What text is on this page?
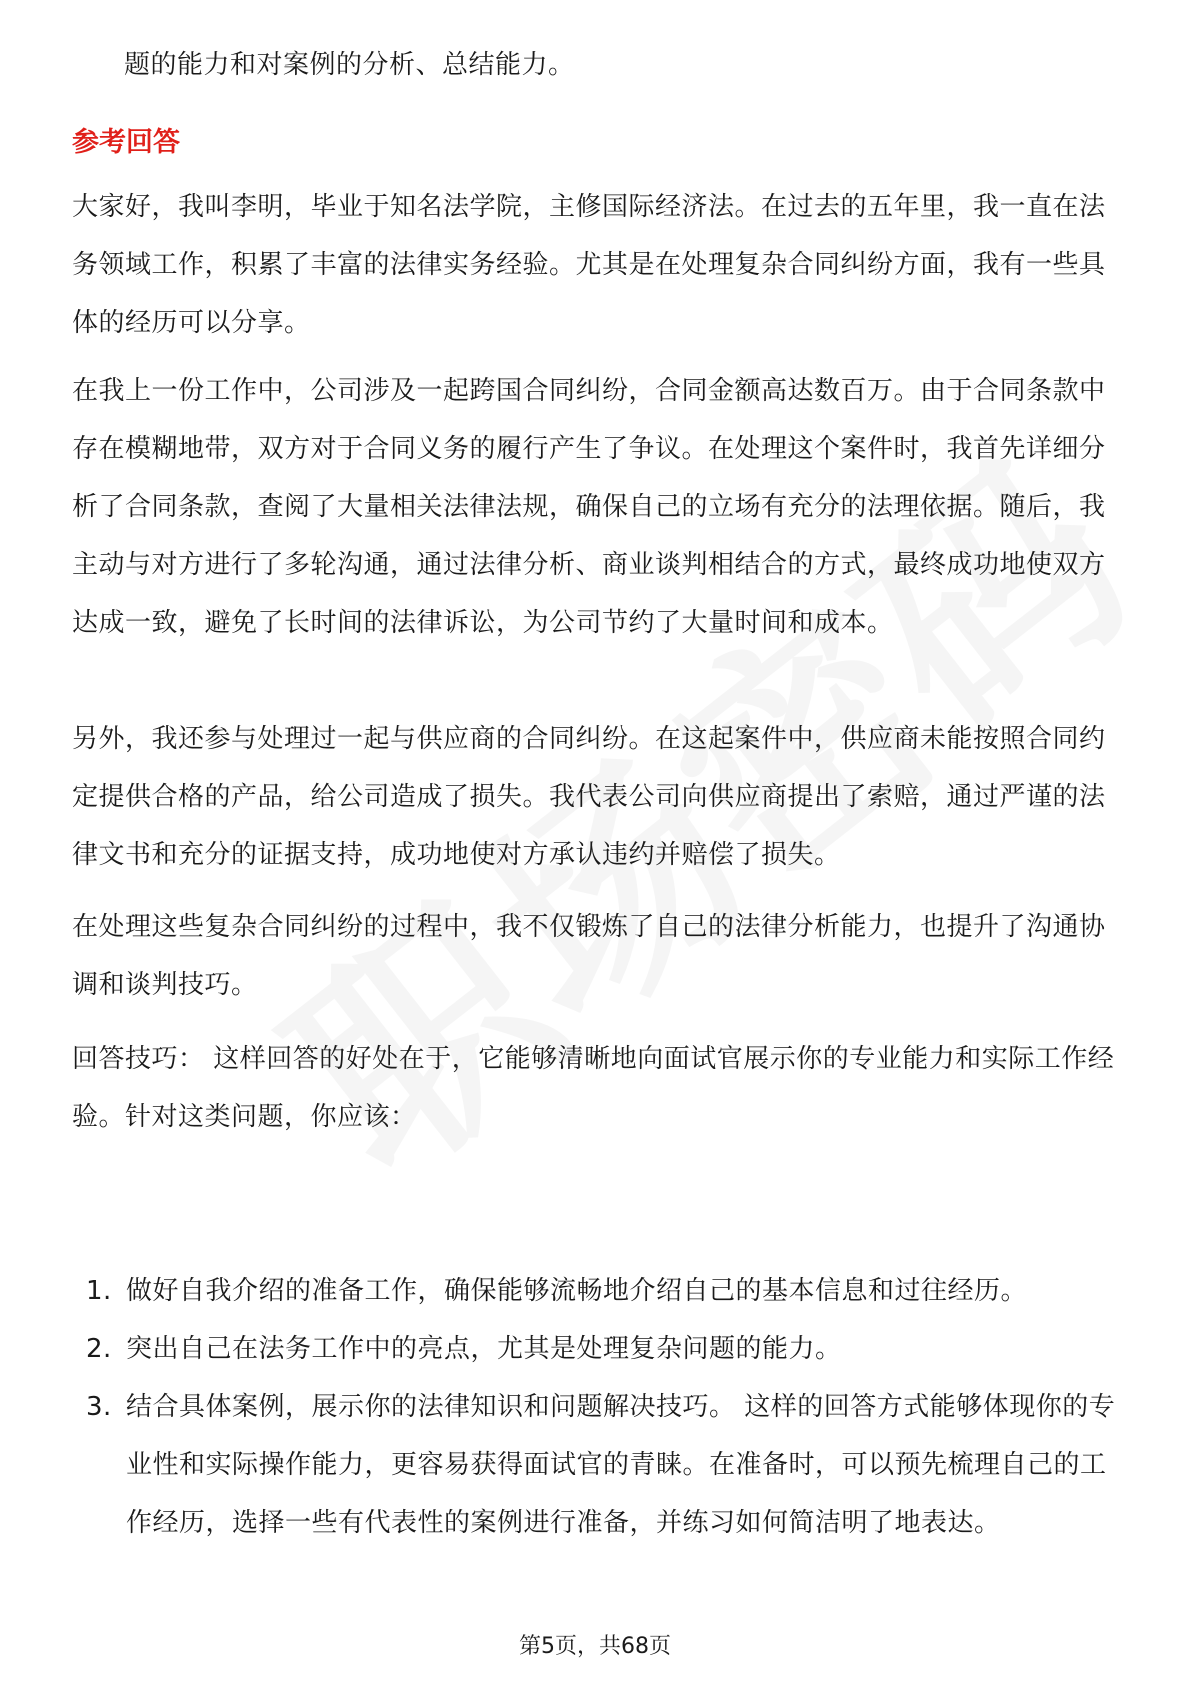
题的能力和对案例的分析、总结能力。

参考回答

大家好，我叫李明，毕业于知名法学院，主修国际经济法。在过去的五年里，我一直在法务领域工作，积累了丰富的法律实务经验。尤其是在处理复杂合同纠纷方面，我有一些具体的经历可以分享。

在我上一份工作中，公司涉及一起跨国合同纠纷，合同金额高达数百万。由于合同条款中存在模糊地带，双方对于合同义务的履行产生了争议。在处理这个案件时，我首先详细分析了合同条款，查阅了大量相关法律法规，确保自己的立场有充分的法理依据。随后，我主动与对方进行了多轮沟通，通过法律分析、商业谈判相结合的方式，最终成功地使双方达成一致，避免了长时间的法律诉讼，为公司节约了大量时间和成本。

另外，我还参与处理过一起与供应商的合同纠纷。在这起案件中，供应商未能按照合同约定提供合格的产品，给公司造成了损失。我代表公司向供应商提出了索赔，通过严谨的法律文书和充分的证据支持，成功地使对方承认违约并赔偿了损失。

在处理这些复杂合同纠纷的过程中，我不仅锻炼了自己的法律分析能力，也提升了沟通协调和谈判技巧。

回答技巧： 这样回答的好处在于，它能够清晰地向面试官展示你的专业能力和实际工作经验。针对这类问题，你应该：

1. 做好自我介绍的准备工作，确保能够流畅地介绍自己的基本信息和过往经历。
2. 突出自己在法务工作中的亮点，尤其是处理复杂问题的能力。
3. 结合具体案例，展示你的法律知识和问题解决技巧。 这样的回答方式能够体现你的专业性和实际操作能力，更容易获得面试官的青睐。在准备时，可以预先梳理自己的工作经历，选择一些有代表性的案例进行准备，并练习如何简洁明了地表达。
第5页，共68页
